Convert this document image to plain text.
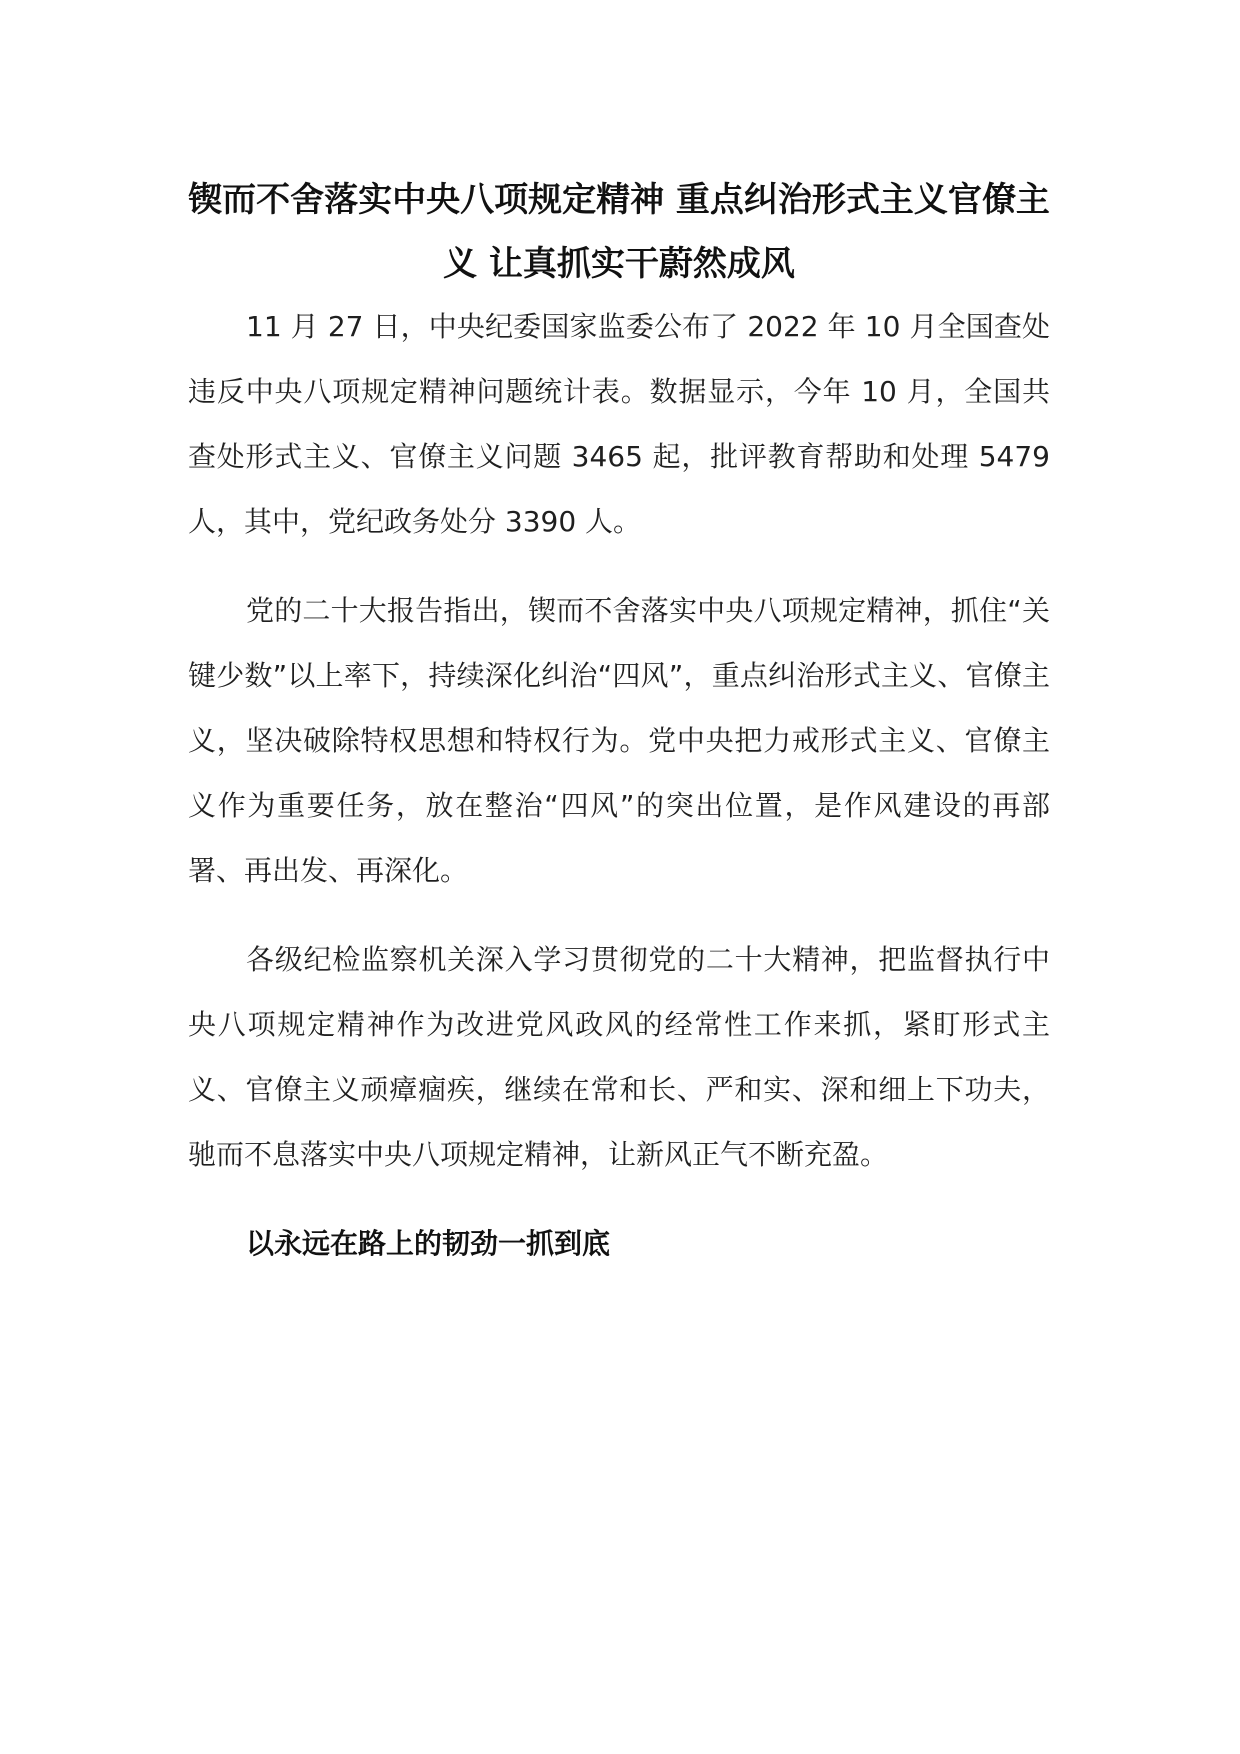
锲而不舍落实中央八项规定精神 重点纠治形式主义官僚主义 让真抓实干蔚然成风

11 月 27 日，中央纪委国家监委公布了 2022 年 10 月全国查处违反中央八项规定精神问题统计表。数据显示，今年 10 月，全国共查处形式主义、官僚主义问题 3465 起，批评教育帮助和处理 5479 人，其中，党纪政务处分 3390 人。

党的二十大报告指出，锲而不舍落实中央八项规定精神，抓住“关键少数”以上率下，持续深化纠治“四风”，重点纠治形式主义、官僚主义，坚决破除特权思想和特权行为。党中央把力戒形式主义、官僚主义作为重要任务，放在整治“四风”的突出位置，是作风建设的再部署、再出发、再深化。

各级纪检监察机关深入学习贯彻党的二十大精神，把监督执行中央八项规定精神作为改进党风政风的经常性工作来抓，紧盯形式主义、官僚主义顽瘴痼疾，继续在常和长、严和实、深和细上下功夫，驰而不息落实中央八项规定精神，让新风正气不断充盈。

以永远在路上的韧劲一抓到底
